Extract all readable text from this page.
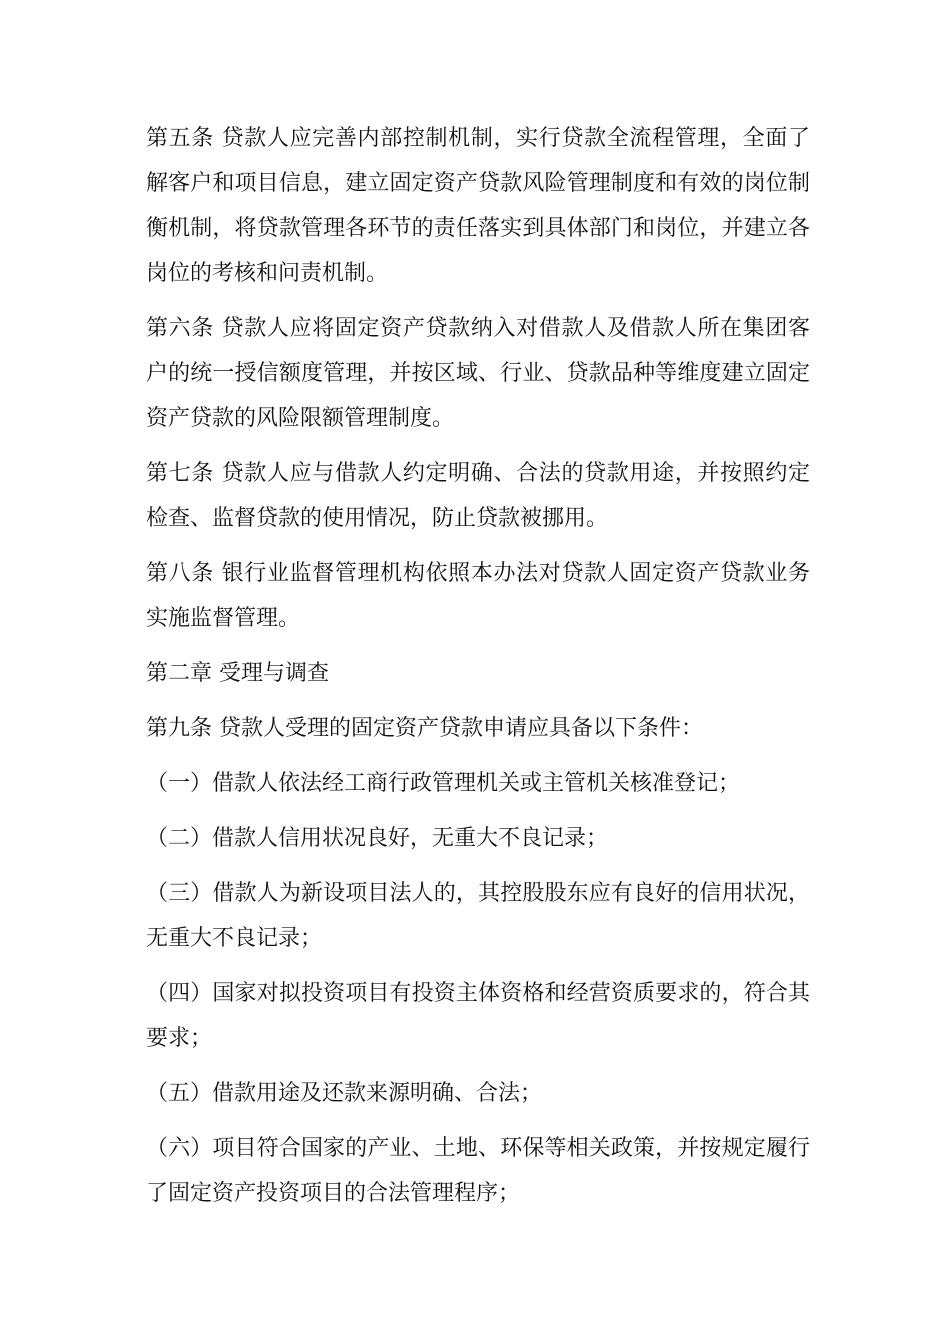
第五条 贷款人应完善内部控制机制，实行贷款全流程管理，全面了解客户和项目信息，建立固定资产贷款风险管理制度和有效的岗位制衡机制，将贷款管理各环节的责任落实到具体部门和岗位，并建立各岗位的考核和问责机制。

第六条 贷款人应将固定资产贷款纳入对借款人及借款人所在集团客户的统一授信额度管理，并按区域、行业、贷款品种等维度建立固定资产贷款的风险限额管理制度。

第七条 贷款人应与借款人约定明确、合法的贷款用途，并按照约定检查、监督贷款的使用情况，防止贷款被挪用。

第八条 银行业监督管理机构依照本办法对贷款人固定资产贷款业务实施监督管理。

第二章 受理与调查

第九条 贷款人受理的固定资产贷款申请应具备以下条件：

（一）借款人依法经工商行政管理机关或主管机关核准登记；

（二）借款人信用状况良好，无重大不良记录；

（三）借款人为新设项目法人的，其控股股东应有良好的信用状况，无重大不良记录；

（四）国家对拟投资项目有投资主体资格和经营资质要求的，符合其要求；

（五）借款用途及还款来源明确、合法；

（六）项目符合国家的产业、土地、环保等相关政策，并按规定履行了固定资产投资项目的合法管理程序；
